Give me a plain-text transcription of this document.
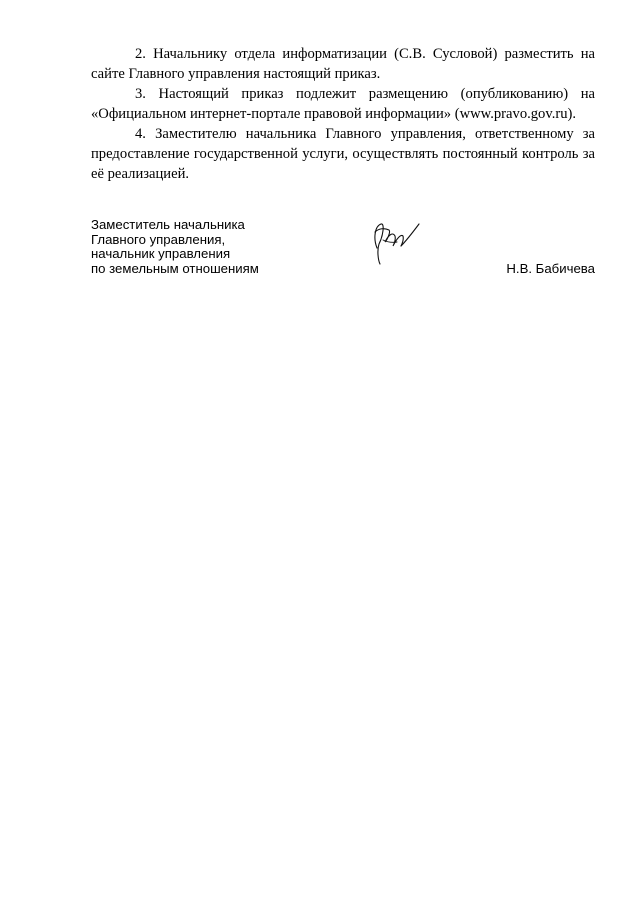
2. Начальнику отдела информатизации (С.В. Сусловой) разместить на сайте Главного управления настоящий приказ.

3. Настоящий приказ подлежит размещению (опубликованию) на «Официальном интернет-портале правовой информации» (www.pravo.gov.ru).

4. Заместителю начальника Главного управления, ответственному за предоставление государственной услуги, осуществлять постоянный контроль за её реализацией.

Заместитель начальника
Главного управления,
начальник управления
по земельным отношениям	Н.В. Бабичева
